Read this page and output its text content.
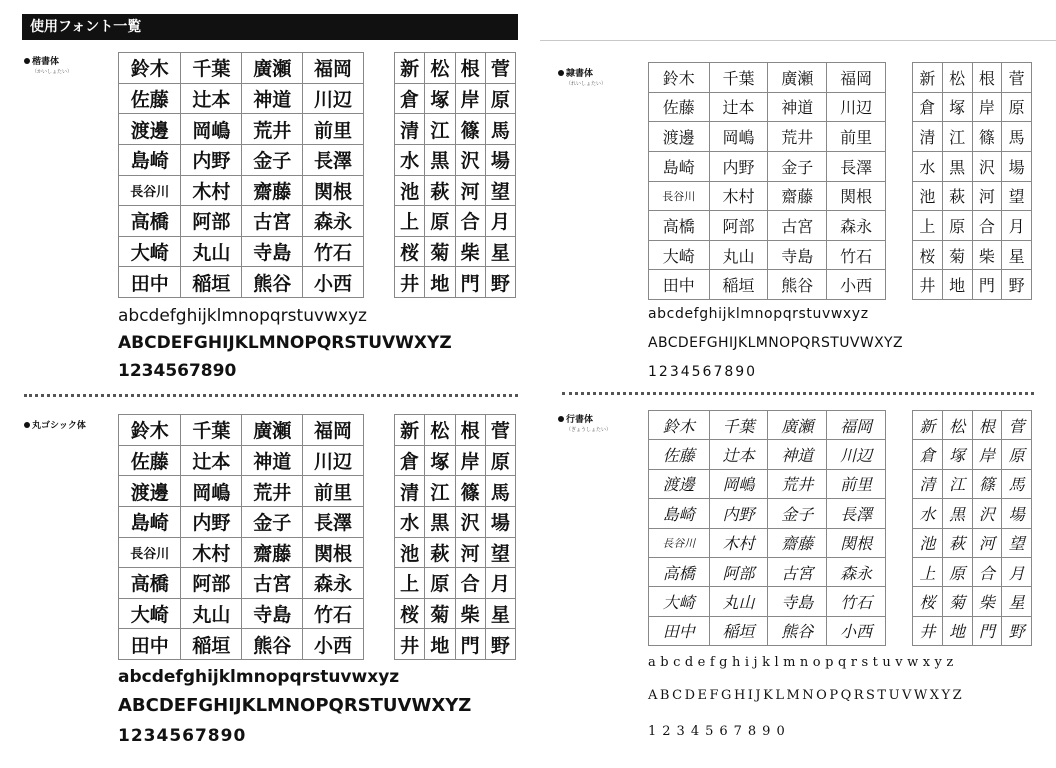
使用フォント一覧
楷書体
（かいしょたい）	鈴木	千葉	廣瀬	福岡
佐藤	辻本	神道	川辺
渡邊	岡嶋	荒井	前里
島崎	内野	金子	長澤
長谷川	木村	齋藤	関根
高橋	阿部	古宮	森永
大崎	丸山	寺島	竹石
田中	稲垣	熊谷	小西
新	松	根	菅
倉	塚	岸	原
清	江	篠	馬
水	黒	沢	場
池	萩	河	望
上	原	合	月
桜	菊	柴	星
井	地	門	野
abcdefghijklmnopqrstuvwxyz
ABCDEFGHIJKLMNOPQRSTUVWXYZ
1234567890
隷書体
（れいしょたい）	鈴木	千葉	廣瀬	福岡
佐藤	辻本	神道	川辺
渡邊	岡嶋	荒井	前里
島崎	内野	金子	長澤
長谷川	木村	齋藤	関根
高橋	阿部	古宮	森永
大崎	丸山	寺島	竹石
田中	稲垣	熊谷	小西
新	松	根	菅
倉	塚	岸	原
清	江	篠	馬
水	黒	沢	場
池	萩	河	望
上	原	合	月
桜	菊	柴	星
井	地	門	野
abcdefghijklmnopqrstuvwxyz
ABCDEFGHIJKLMNOPQRSTUVWXYZ
1234567890
丸ゴシック体 鈴木	千葉	廣瀬	福岡
佐藤	辻本	神道	川辺
渡邊	岡嶋	荒井	前里
島崎	内野	金子	長澤
長谷川	木村	齋藤	関根
高橋	阿部	古宮	森永
大崎	丸山	寺島	竹石
田中	稲垣	熊谷	小西
新	松	根	菅
倉	塚	岸	原
清	江	篠	馬
水	黒	沢	場
池	萩	河	望
上	原	合	月
桜	菊	柴	星
井	地	門	野
abcdefghijklmnopqrstuvwxyz
ABCDEFGHIJKLMNOPQRSTUVWXYZ
1234567890
行書体
（ぎょうしょたい）	鈴木	千葉	廣瀬	福岡
佐藤	辻本	神道	川辺
渡邊	岡嶋	荒井	前里
島崎	内野	金子	長澤
長谷川	木村	齋藤	関根
高橋	阿部	古宮	森永
大崎	丸山	寺島	竹石
田中	稲垣	熊谷	小西
新	松	根	菅
倉	塚	岸	原
清	江	篠	馬
水	黒	沢	場
池	萩	河	望
上	原	合	月
桜	菊	柴	星
井	地	門	野
abcdefghijklmnopqrstuvwxyz
ABCDEFGHIJKLMNOPQRSTUVWXYZ
1234567890
